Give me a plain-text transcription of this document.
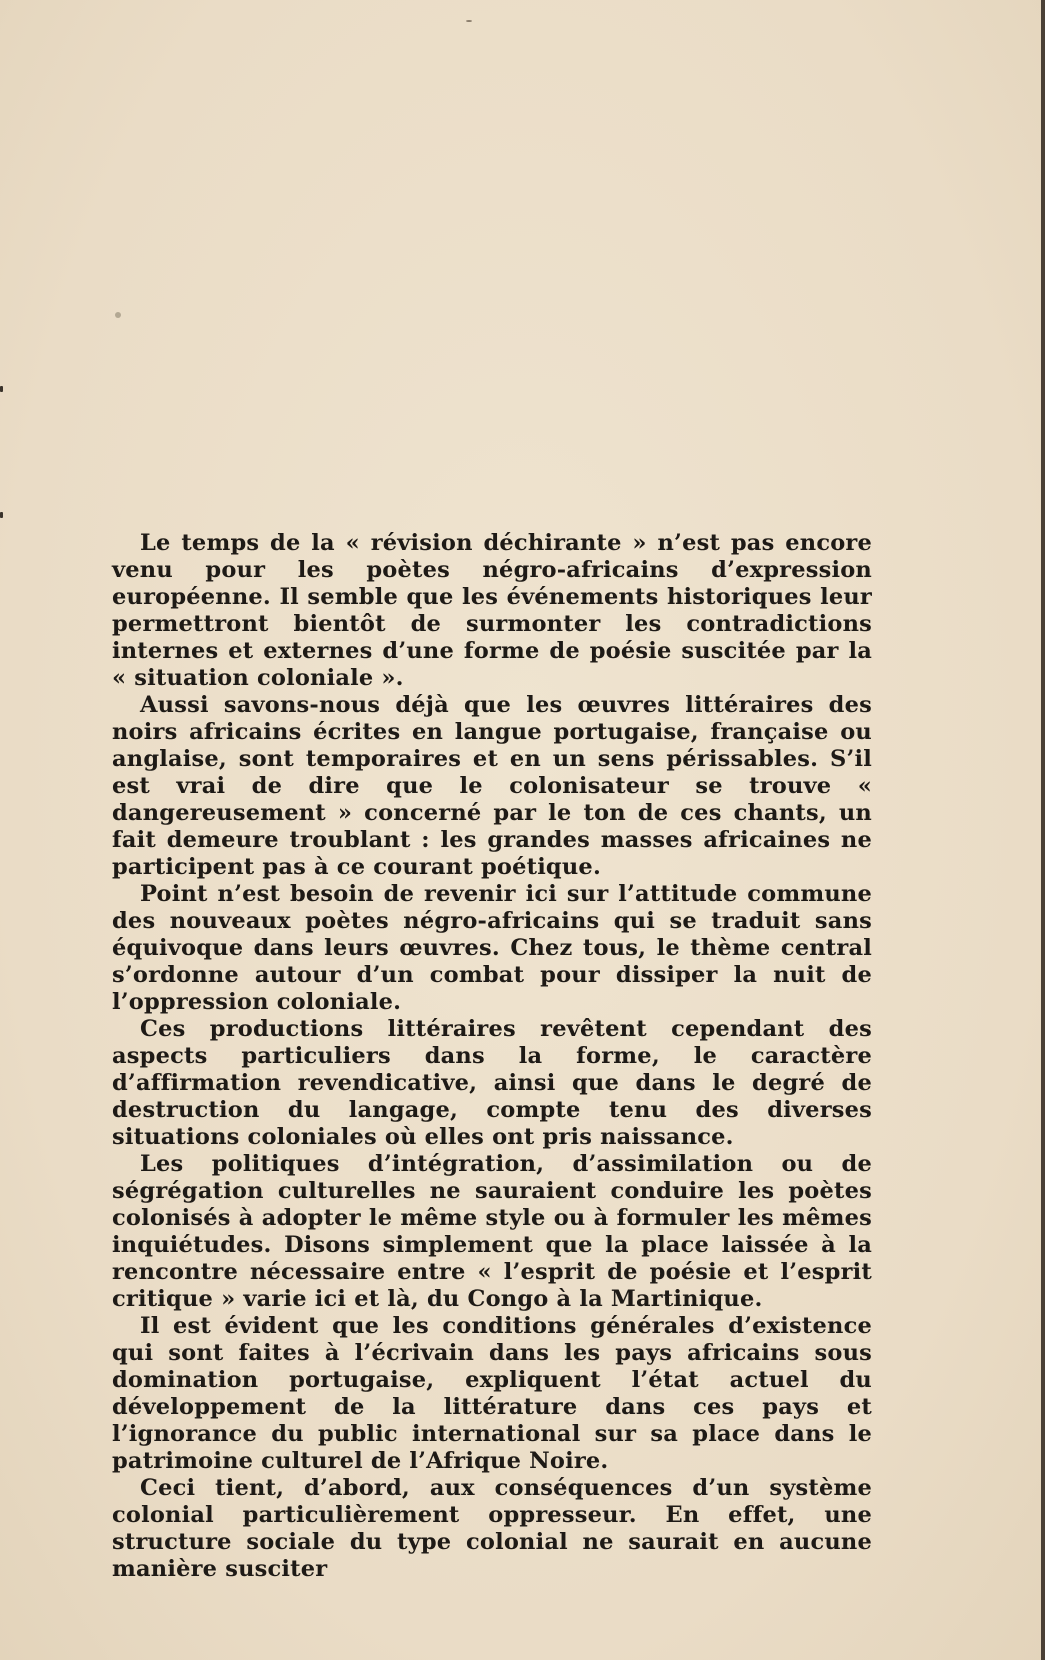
Le temps de la « révision déchirante » n’est pas encore venu pour les poètes négro-africains d’expression européenne. Il semble que les événements historiques leur permettront bientôt de surmonter les contradictions internes et externes d’une forme de poésie suscitée par la « situation coloniale ».

Aussi savons-nous déjà que les œuvres littéraires des noirs africains écrites en langue portugaise, française ou anglaise, sont temporaires et en un sens périssables. S’il est vrai de dire que le colonisateur se trouve « dangereusement » concerné par le ton de ces chants, un fait demeure troublant : les grandes masses africaines ne participent pas à ce courant poétique.

Point n’est besoin de revenir ici sur l’attitude commune des nouveaux poètes négro-africains qui se traduit sans équivoque dans leurs œuvres. Chez tous, le thème central s’ordonne autour d’un combat pour dissiper la nuit de l’oppression coloniale.

Ces productions littéraires revêtent cependant des aspects particuliers dans la forme, le caractère d’affirmation revendicative, ainsi que dans le degré de destruction du langage, compte tenu des diverses situations coloniales où elles ont pris naissance.

Les politiques d’intégration, d’assimilation ou de ségrégation culturelles ne sauraient conduire les poètes colonisés à adopter le même style ou à formuler les mêmes inquiétudes. Disons simplement que la place laissée à la rencontre nécessaire entre « l’esprit de poésie et l’esprit critique » varie ici et là, du Congo à la Martinique.

Il est évident que les conditions générales d’existence qui sont faites à l’écrivain dans les pays africains sous domination portugaise, expliquent l’état actuel du développement de la littérature dans ces pays et l’ignorance du public international sur sa place dans le patrimoine culturel de l’Afrique Noire.

Ceci tient, d’abord, aux conséquences d’un système colonial particulièrement oppresseur. En effet, une structure sociale du type colonial ne saurait en aucune manière susciter
